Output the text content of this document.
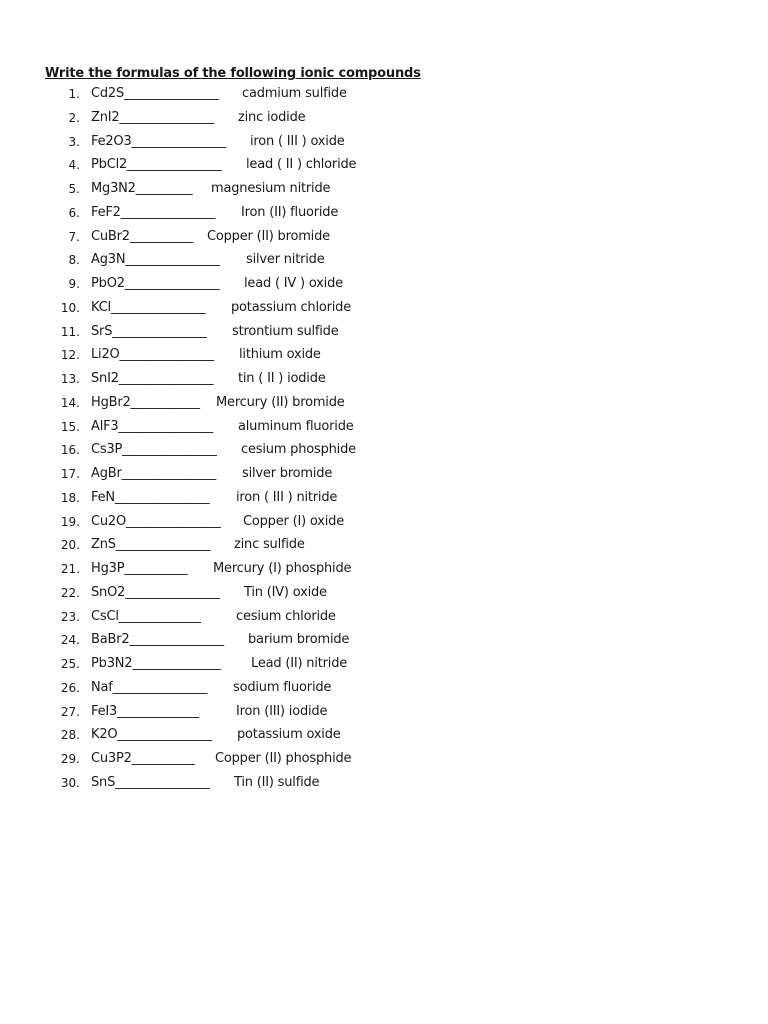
Write the formulas of the following ionic compounds
1. Cd2S_______________ cadmium sulfide
2. ZnI2_______________ zinc iodide
3. Fe2O3_______________ iron ( III ) oxide
4. PbCl2_______________ lead ( II ) chloride
5. Mg3N2_________ magnesium nitride
6. FeF2_______________ Iron (II) fluoride
7. CuBr2__________ Copper (II) bromide
8. Ag3N_______________ silver nitride
9. PbO2_______________ lead ( IV ) oxide
10. KCl_______________ potassium chloride
11. SrS_______________ strontium sulfide
12. Li2O_______________ lithium oxide
13. SnI2_______________ tin ( II ) iodide
14. HgBr2___________ Mercury (II) bromide
15. AlF3_______________ aluminum fluoride
16. Cs3P_______________ cesium phosphide
17. AgBr_______________ silver bromide
18. FeN_______________ iron ( III ) nitride
19. Cu2O_______________ Copper (I) oxide
20. ZnS_______________ zinc sulfide
21. Hg3P__________ Mercury (I) phosphide
22. SnO2_______________ Tin (IV) oxide
23. CsCl_____________	cesium chloride
24. BaBr2_______________ barium bromide
25. Pb3N2______________ Lead (II) nitride
26. Naf_______________ sodium fluoride
27. FeI3_____________	Iron (III) iodide
28. K2O_______________ potassium oxide
29. Cu3P2__________ Copper (II) phosphide
30. SnS_______________ Tin (II) sulfide
